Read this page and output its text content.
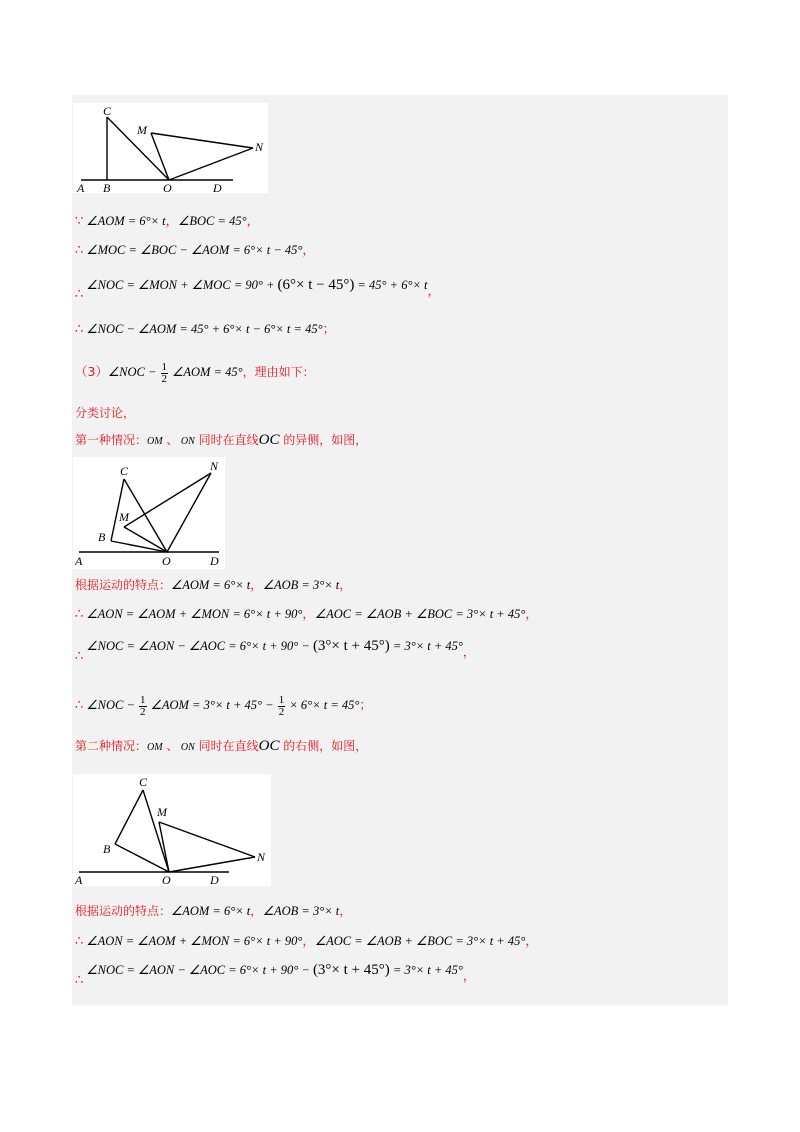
C
M
N
A B	O	D
∵ ∠AOM = 6°× t，∠BOC = 45°，
∴ ∠MOC = ∠BOC − ∠AOM = 6°× t − 45°，
∴ ∠NOC = ∠MON + ∠MOC = 90° + (6°× t − 45°) = 45° + 6°× t，
∴ ∠NOC − ∠AOM = 45° + 6°× t − 6°× t = 45°；
（3）∠NOC − $\frac{1}{2}$ ∠AOM = 45°，理由如下：
分类讨论，
第一种情况：OM 、 ON 同时在直线OC 的异侧，如图，
C	N
M
B
A	O	D
根据运动的特点：∠AOM = 6°× t，∠AOB = 3°× t，
∴ ∠AON = ∠AOM + ∠MON = 6°× t + 90°，∠AOC = ∠AOB + ∠BOC = 3°× t + 45°，
∴ ∠NOC = ∠AON − ∠AOC = 6°× t + 90° − (3°× t + 45°) = 3°× t + 45°，
∴ ∠NOC − $\frac{1}{2}$ ∠AOM = $3^\circ\times t + 45^\circ - \frac{1}{2} \times 6^\circ\times t = 45^\circ$；
第二种情况：OM 、 ON 同时在直线OC 的右侧，如图，
C
M
B
N
A	O	D
根据运动的特点：∠AOM = 6°× t，∠AOB = 3°× t，
∴ ∠AON = ∠AOM + ∠MON = 6°× t + 90°，∠AOC = ∠AOB + ∠BOC = 3°× t + 45°，
∴ ∠NOC = ∠AON − ∠AOC = 6°× t + 90° − (3°× t + 45°) = 3°× t + 45°，
